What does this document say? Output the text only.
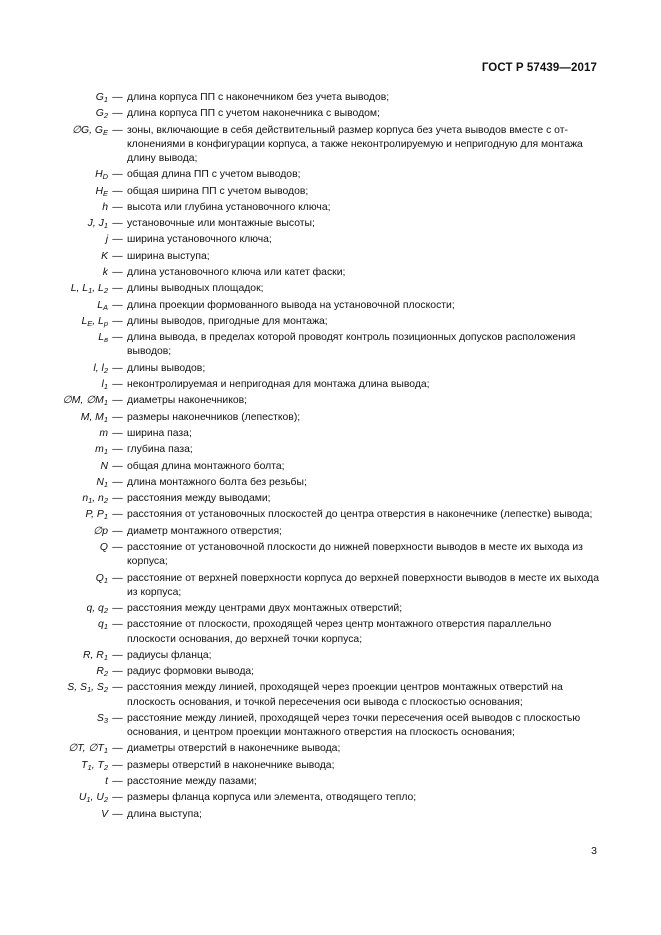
ГОСТ Р 57439—2017
$G_1$ — длина корпуса ПП с наконечником без учета выводов;
$G_2$ — длина корпуса ПП с учетом наконечника с выводом;
∅G, $G_E$ — зоны, включающие в себя действительный размер корпуса без учета выводов вместе с отклонениями в конфигурации корпуса, а также неконтролируемую и непригодную для монтажа длину вывода;
$H_D$ — общая длина ПП с учетом выводов;
$H_E$ — общая ширина ПП с учетом выводов;
h — высота или глубина установочного ключа;
J, $J_1$ — установочные или монтажные высоты;
j — ширина установочного ключа;
K — ширина выступа;
k — длина установочного ключа или катет фаски;
L, $L_1$, $L_2$ — длины выводных площадок;
$L_A$ — длина проекции формованного вывода на установочной плоскости;
$L_E$, $L_p$ — длины выводов, пригодные для монтажа;
$L_в$ — длина вывода, в пределах которой проводят контроль позиционных допусков расположения выводов;
l, $l_2$ — длины выводов;
$l_1$ — неконтролируемая и непригодная для монтажа длина вывода;
∅M, $\emptyset M_1$ — диаметры наконечников;
M, $M_1$ — размеры наконечников (лепестков);
m — ширина паза;
$m_1$ — глубина паза;
N — общая длина монтажного болта;
$N_1$ — длина монтажного болта без резьбы;
$n_1$, $n_2$ — расстояния между выводами;
P, $P_1$ — расстояния от установочных плоскостей до центра отверстия в наконечнике (лепестке) вывода;
∅p — диаметр монтажного отверстия;
Q — расстояние от установочной плоскости до нижней поверхности выводов в месте их выхода из корпуса;
$Q_1$ — расстояние от верхней поверхности корпуса до верхней поверхности выводов в месте их выхода из корпуса;
q, $q_2$ — расстояния между центрами двух монтажных отверстий;
$q_1$ — расстояние от плоскости, проходящей через центр монтажного отверстия параллельно плоскости основания, до верхней точки корпуса;
R, $R_1$ — радиусы фланца;
$R_2$ — радиус формовки вывода;
S, $S_1$, $S_2$ — расстояния между линией, проходящей через проекции центров монтажных отверстий на плоскость основания, и точкой пересечения оси вывода с плоскостью основания;
$S_3$ — расстояние между линией, проходящей через точки пересечения осей выводов с плоскостью основания, и центром проекции монтажного отверстия на плоскость основания;
∅T, $\emptyset T_1$ — диаметры отверстий в наконечнике вывода;
$T_1$, $T_2$ — размеры отверстий в наконечнике вывода;
t — расстояние между пазами;
$U_1$, $U_2$ — размеры фланца корпуса или элемента, отводящего тепло;
V — длина выступа;
3
